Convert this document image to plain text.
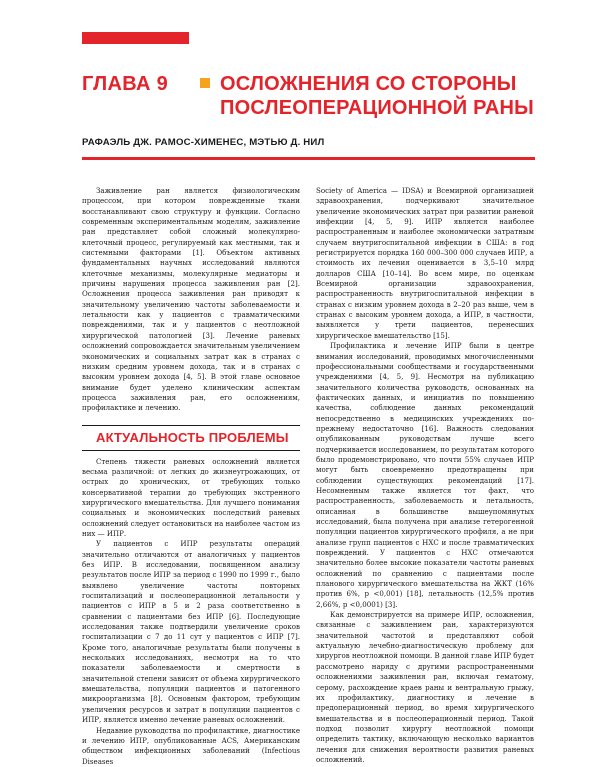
ГЛАВА 9	ОСЛОЖНЕНИЯ СО СТОРОНЫ ПОСЛЕОПЕРАЦИОННОЙ РАНЫ
РАФАЭЛЬ ДЖ. РАМОС-ХИМЕНЕС, МЭТЬЮ Д. НИЛ

Заживление ран является физиологическим процессом, при котором поврежденные ткани восстанавливают свою структуру и функции. Согласно современным экспериментальным моделям, заживление ран представляет собой сложный молекулярно-клеточный процесс, регулируемый как местными, так и системными факторами [1]. Объектом активных фундаментальных научных исследований являются клеточные механизмы, молекулярные медиаторы и причины нарушения процесса заживления ран [2]. Осложнения процесса заживления ран приводят к значительному увеличению частоты заболеваемости и летальности как у пациентов с травматическими повреждениями, так и у пациентов с неотложной хирургической патологией [3]. Лечение раневых осложнений сопровождается значительным увеличением экономических и социальных затрат как в странах с низким средним уровнем дохода, так и в странах с высоким уровнем дохода [4, 5]. В этой главе основное внимание будет уделено клиническим аспектам процесса заживления ран, его осложнениям, профилактике и лечению.

АКТУАЛЬНОСТЬ ПРОБЛЕМЫ

Степень тяжести раневых осложнений является весьма различной: от легких до жизнеугрожающих, от острых до хронических, от требующих только консервативной терапии до требующих экстренного хирургического вмешательства. Для лучшего понимания социальных и экономических последствий раневых осложнений следует остановиться на наиболее частом из них — ИПР.

У пациентов с ИПР результаты операций значительно отличаются от аналогичных у пациентов без ИПР. В исследовании, посвященном анализу результатов после ИПР за период с 1990 по 1999 г., было выявлено увеличение частоты повторных госпитализаций и послеоперационной летальности у пациентов с ИПР в 5 и 2 раза соответственно в сравнении с пациентами без ИПР [6]. Последующие исследования также подтвердили увеличение сроков госпитализации с 7 до 11 сут у пациентов с ИПР [7]. Кроме того, аналогичные результаты были получены в нескольких исследованиях, несмотря на то что показатели заболеваемости и смертности в значительной степени зависят от объема хирургического вмешательства, популяции пациентов и патогенного микроорганизма [8]. Основным фактором, требующим увеличения ресурсов и затрат в популяции пациентов с ИПР, является именно лечение раневых осложнений.

Недавние руководства по профилактике, диагностике и лечению ИПР, опубликованные ACS, Американским обществом инфекционных заболеваний (Infectious Diseases

Society of America — IDSA) и Всемирной организацией здравоохранения, подчеркивают значительное увеличение экономических затрат при развитии раневой инфекции [4, 5, 9]. ИПР является наиболее распространенным и наиболее экономически затратным случаем внутригоспитальной инфекции в США: в год регистрируется порядка 160 000–300 000 случаев ИПР, а стоимость их лечения оценивается в 3,5–10 млрд долларов США [10–14]. Во всем мире, по оценкам Всемирной организации здравоохранения, распространенность внутригоспитальной инфекции в странах с низким уровнем дохода в 2–20 раз выше, чем в странах с высоким уровнем дохода, а ИПР, в частности, выявляется у трети пациентов, перенесших хирургическое вмешательство [15].

Профилактика и лечение ИПР были в центре внимания исследований, проводимых многочисленными профессиональными сообществами и государственными учреждениями [4, 5, 9]. Несмотря на публикацию значительного количества руководств, основанных на фактических данных, и инициатив по повышению качества, соблюдение данных рекомендаций непосредственно в медицинских учреждениях по-прежнему недостаточно [16]. Важность следования опубликованным руководствам лучше всего подчеркивается исследованием, по результатам которого было продемонстрировано, что почти 55% случаев ИПР могут быть своевременно предотвращены при соблюдении существующих рекомендаций [17]. Несомненным также является тот факт, что распространенность, заболеваемость и летальность, описанная в большинстве вышеупомянутых исследований, была получена при анализе гетерогенной популяции пациентов хирургического профиля, а не при анализе групп пациентов с НХС и после травматических повреждений. У пациентов с НХС отмечаются значительно более высокие показатели частоты раневых осложнений по сравнению с пациентами после планового хирургического вмешательства на ЖКТ (16% против 6%, p <0,001) [18], летальность (12,5% против 2,66%, p <0,0001) [3].

Как демонстрируется на примере ИПР, осложнения, связанные с заживлением ран, характеризуются значительной частотой и представляют собой актуальную лечебно-диагностическую проблему для хирургов неотложной помощи. В данной главе ИПР будет рассмотрено наряду с другими распространенными осложнениями заживления ран, включая гематому, серому, расхождение краев раны и вентральную грыжу, их профилактику, диагностику и лечение в предоперационный период, во время хирургического вмешательства и в послеоперационный период. Такой подход позволит хирургу неотложной помощи определить тактику, включающую несколько вариантов лечения для снижения вероятности развития раневых осложнений.
